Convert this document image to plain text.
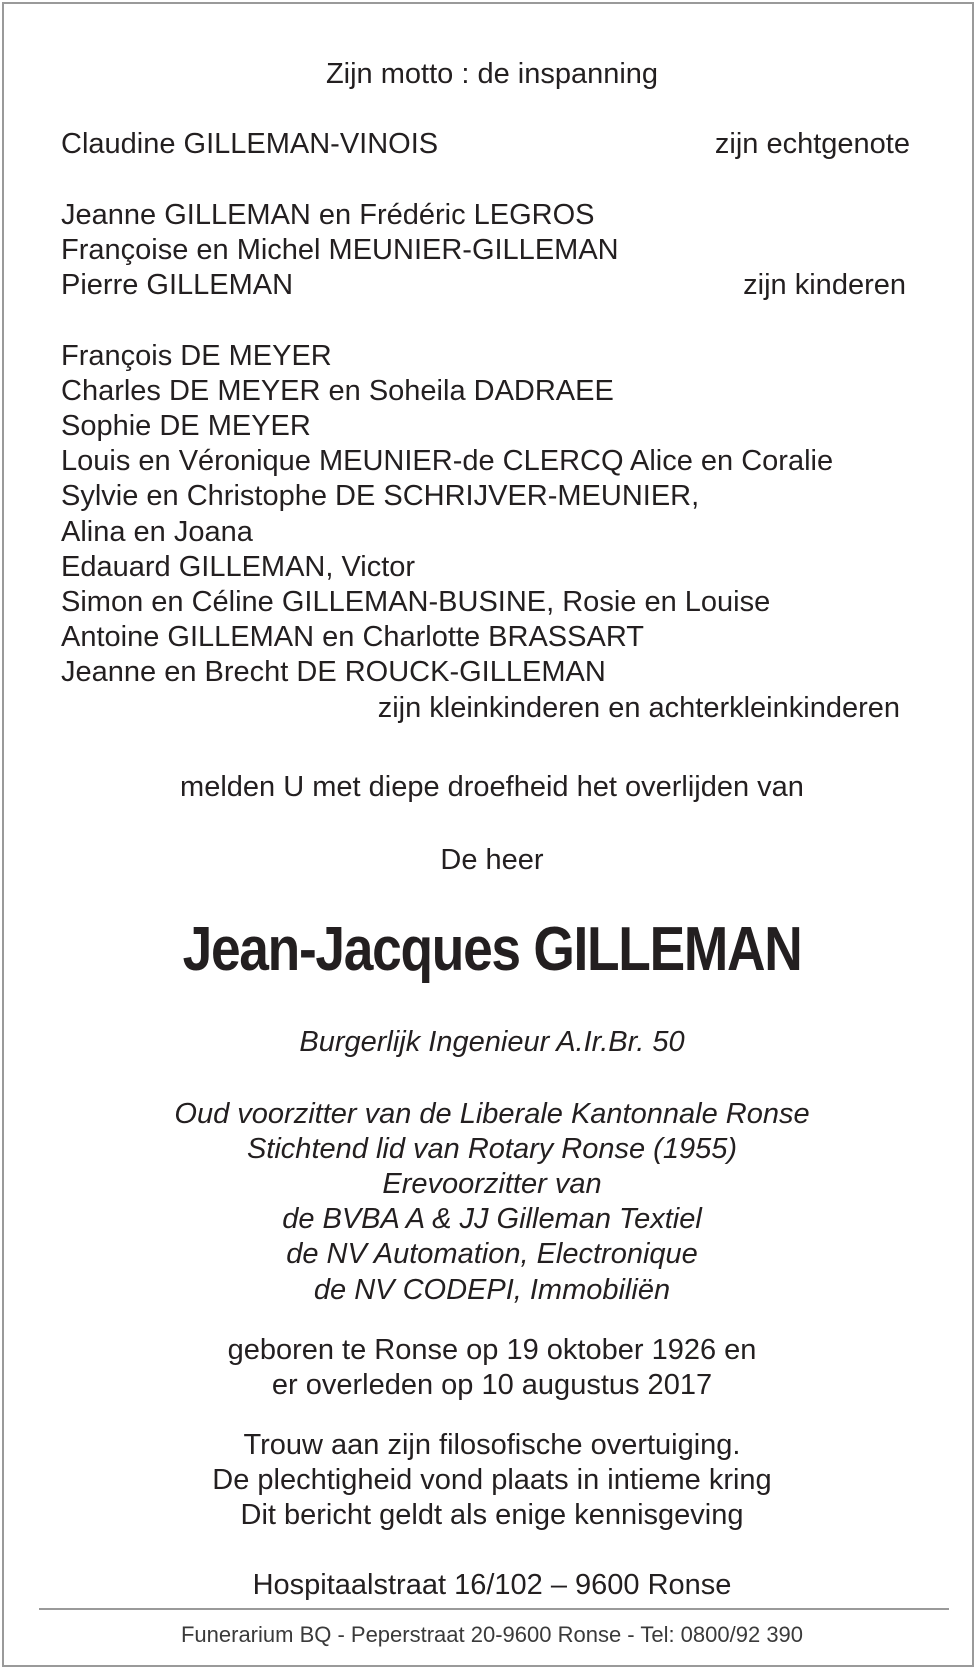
Zijn motto : de inspanning
Claudine GILLEMAN-VINOIS	zijn echtgenote
Jeanne GILLEMAN en Frédéric LEGROS
Françoise en Michel MEUNIER-GILLEMAN
Pierre GILLEMAN	zijn kinderen
François DE MEYER
Charles DE MEYER en Soheila DADRAEE
Sophie DE MEYER
Louis en Véronique MEUNIER-de CLERCQ Alice en Coralie
Sylvie en Christophe DE SCHRIJVER-MEUNIER,
Alina en Joana
Edauard GILLEMAN, Victor
Simon en Céline GILLEMAN-BUSINE, Rosie en Louise
Antoine GILLEMAN en Charlotte BRASSART
Jeanne en Brecht DE ROUCK-GILLEMAN
zijn kleinkinderen en achterkleinkinderen
melden U met diepe droefheid het overlijden van
De heer
Jean-Jacques GILLEMAN
Burgerlijk Ingenieur A.Ir.Br. 50
Oud voorzitter van de Liberale Kantonnale Ronse
Stichtend lid van Rotary Ronse (1955)
Erevoorzitter van
de BVBA A & JJ Gilleman Textiel
de NV Automation, Electronique
de NV CODEPI, Immobiliën
geboren te Ronse op 19 oktober 1926 en
er overleden op 10 augustus 2017
Trouw aan zijn filosofische overtuiging.
De plechtigheid vond plaats in intieme kring
Dit bericht geldt als enige kennisgeving
Hospitaalstraat 16/102 – 9600 Ronse
Funerarium BQ - Peperstraat 20-9600 Ronse - Tel: 0800/92 390
